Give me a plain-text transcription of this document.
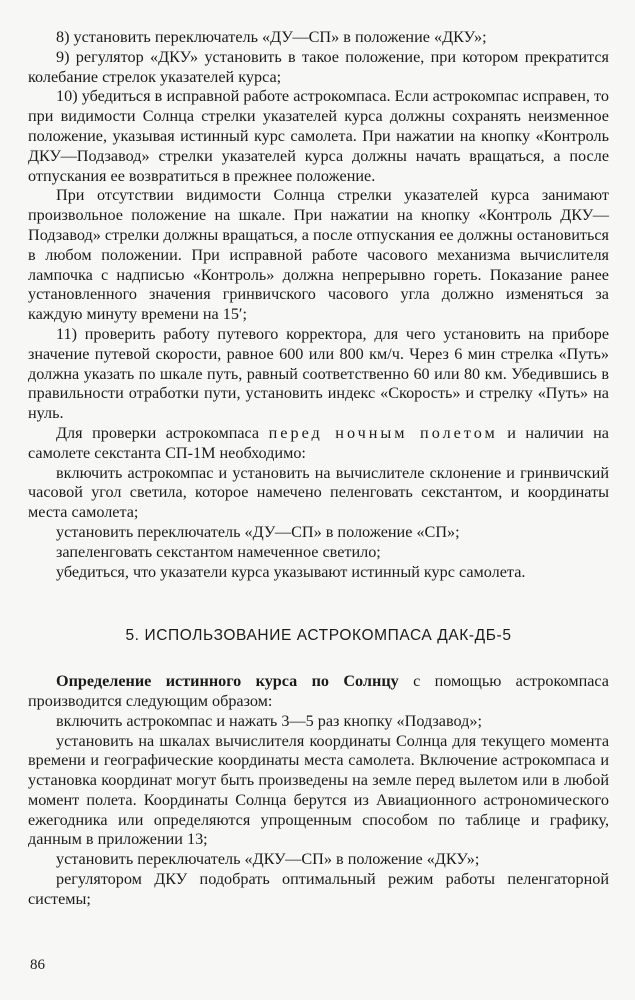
8) установить переключатель «ДУ—СП» в положение «ДКУ»;

9) регулятор «ДКУ» установить в такое положение, при котором прекратится колебание стрелок указателей курса;

10) убедиться в исправной работе астрокомпаса. Если астрокомпас исправен, то при видимости Солнца стрелки указателей курса должны сохранять неизменное положение, указывая истинный курс самолета. При нажатии на кнопку «Контроль ДКУ—Подзавод» стрелки указателей курса должны начать вращаться, а после отпускания ее возвратиться в прежнее положение.

При отсутствии видимости Солнца стрелки указателей курса занимают произвольное положение на шкале. При нажатии на кнопку «Контроль ДКУ—Подзавод» стрелки должны вращаться, а после отпускания ее должны остановиться в любом положении. При исправной работе часового механизма вычислителя лампочка с надписью «Контроль» должна непрерывно гореть. Показание ранее установленного значения гринвичского часового угла должно изменяться за каждую минуту времени на 15′;

11) проверить работу путевого корректора, для чего установить на приборе значение путевой скорости, равное 600 или 800 км/ч. Через 6 мин стрелка «Путь» должна указать по шкале путь, равный соответственно 60 или 80 км. Убедившись в правильности отработки пути, установить индекс «Скорость» и стрелку «Путь» на нуль.

Для проверки астрокомпаса перед ночным полетом и наличии на самолете секстанта СП-1М необходимо:

включить астрокомпас и установить на вычислителе склонение и гринвичский часовой угол светила, которое намечено пеленговать секстантом, и координаты места самолета;

установить переключатель «ДУ—СП» в положение «СП»;

запеленговать секстантом намеченное светило;

убедиться, что указатели курса указывают истинный курс самолета.

5. ИСПОЛЬЗОВАНИЕ АСТРОКОМПАСА ДАК-ДБ-5

Определение истинного курса по Солнцу с помощью астрокомпаса производится следующим образом:

включить астрокомпас и нажать 3—5 раз кнопку «Подзавод»;

установить на шкалах вычислителя координаты Солнца для текущего момента времени и географические координаты места самолета. Включение астрокомпаса и установка координат могут быть произведены на земле перед вылетом или в любой момент полета. Координаты Солнца берутся из Авиационного астрономического ежегодника или определяются упрощенным способом по таблице и графику, данным в приложении 13;

установить переключатель «ДКУ—СП» в положение «ДКУ»;

регулятором ДКУ подобрать оптимальный режим работы пеленгаторной системы;

86
